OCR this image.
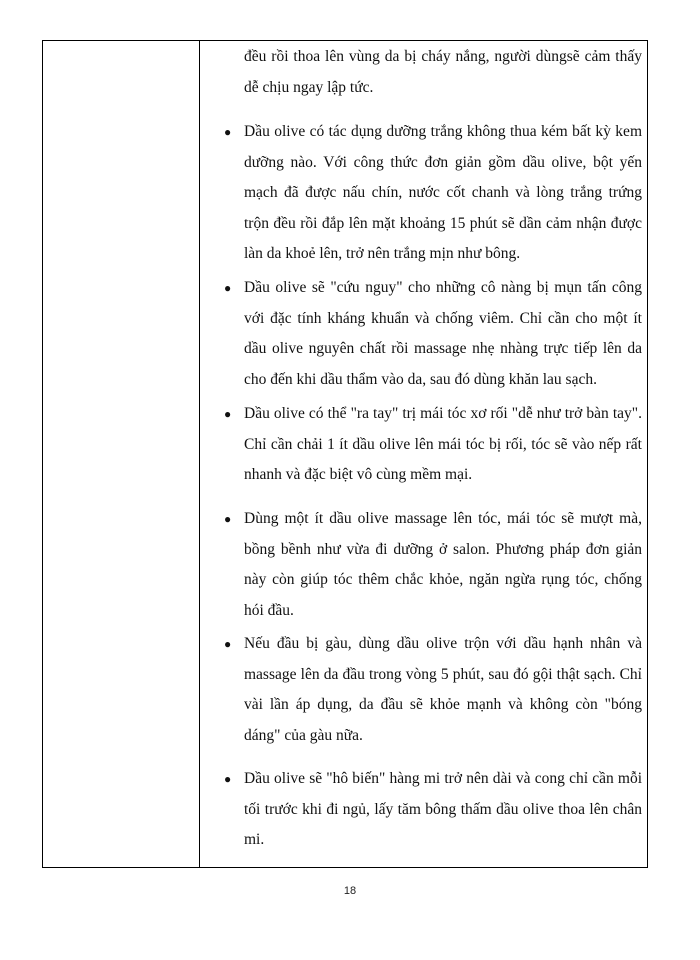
đều rồi thoa lên vùng da bị cháy nắng, người dùngsẽ cảm thấy dễ chịu ngay lập tức.
● Dầu olive có tác dụng dưỡng trắng không thua kém bất kỳ kem dưỡng nào. Với công thức đơn giản gồm dầu olive, bột yến mạch đã được nấu chín, nước cốt chanh và lòng trắng trứng trộn đều rồi đắp lên mặt khoảng 15 phút sẽ dần cảm nhận được làn da khoẻ lên, trở nên trắng mịn như bông.
● Dầu olive sẽ "cứu nguy" cho những cô nàng bị mụn tấn công với đặc tính kháng khuẩn và chống viêm. Chỉ cần cho một ít dầu olive nguyên chất rồi massage nhẹ nhàng trực tiếp lên da cho đến khi dầu thẩm vào da, sau đó dùng khăn lau sạch.
● Dầu olive có thể "ra tay" trị mái tóc xơ rối "dễ như trở bàn tay". Chỉ cần chải 1 ít dầu olive lên mái tóc bị rối, tóc sẽ vào nếp rất nhanh và đặc biệt vô cùng mềm mại.
● Dùng một ít dầu olive massage lên tóc, mái tóc sẽ mượt mà, bồng bềnh như vừa đi dưỡng ở salon. Phương pháp đơn giản này còn giúp tóc thêm chắc khỏe, ngăn ngừa rụng tóc, chống hói đầu.
● Nếu đầu bị gàu, dùng dầu olive trộn với dầu hạnh nhân và massage lên da đầu trong vòng 5 phút, sau đó gội thật sạch. Chỉ vài lần áp dụng, da đầu sẽ khỏe mạnh và không còn "bóng dáng" của gàu nữa.
● Dầu olive sẽ "hô biến" hàng mi trở nên dài và cong chỉ cần mỗi tối trước khi đi ngủ, lấy tăm bông thấm dầu olive thoa lên chân mi.
18
